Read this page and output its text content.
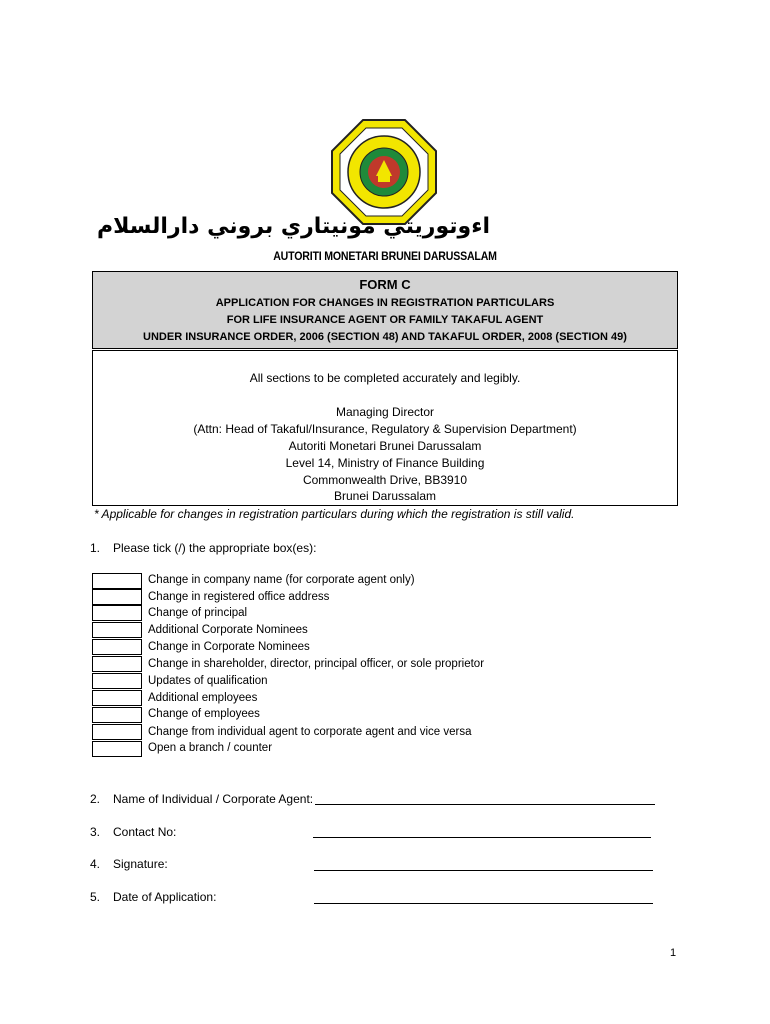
اءوتوريتي مونيتاري بروني دارالسلام
AUTORITI MONETARI BRUNEI DARUSSALAM
FORM C
APPLICATION FOR CHANGES IN REGISTRATION PARTICULARS
FOR LIFE INSURANCE AGENT OR FAMILY TAKAFUL AGENT
UNDER INSURANCE ORDER, 2006 (SECTION 48) AND TAKAFUL ORDER, 2008 (SECTION 49)
All sections to be completed accurately and legibly.
Managing Director
(Attn: Head of Takaful/Insurance, Regulatory & Supervision Department)
Autoriti Monetari Brunei Darussalam
Level 14, Ministry of Finance Building
Commonwealth Drive, BB3910
Brunei Darussalam
* Applicable for changes in registration particulars during which the registration is still valid.
1. Please tick (/) the appropriate box(es):
Change in company name (for corporate agent only)
Change in registered office address
Change of principal
Additional Corporate Nominees
Change in Corporate Nominees
Change in shareholder, director, principal officer, or sole proprietor
Updates of qualification
Additional employees
Change of employees
Change from individual agent to corporate agent and vice versa
Open a branch / counter
2. Name of Individual / Corporate Agent:
3. Contact No:
4. Signature:
5. Date of Application:
1
